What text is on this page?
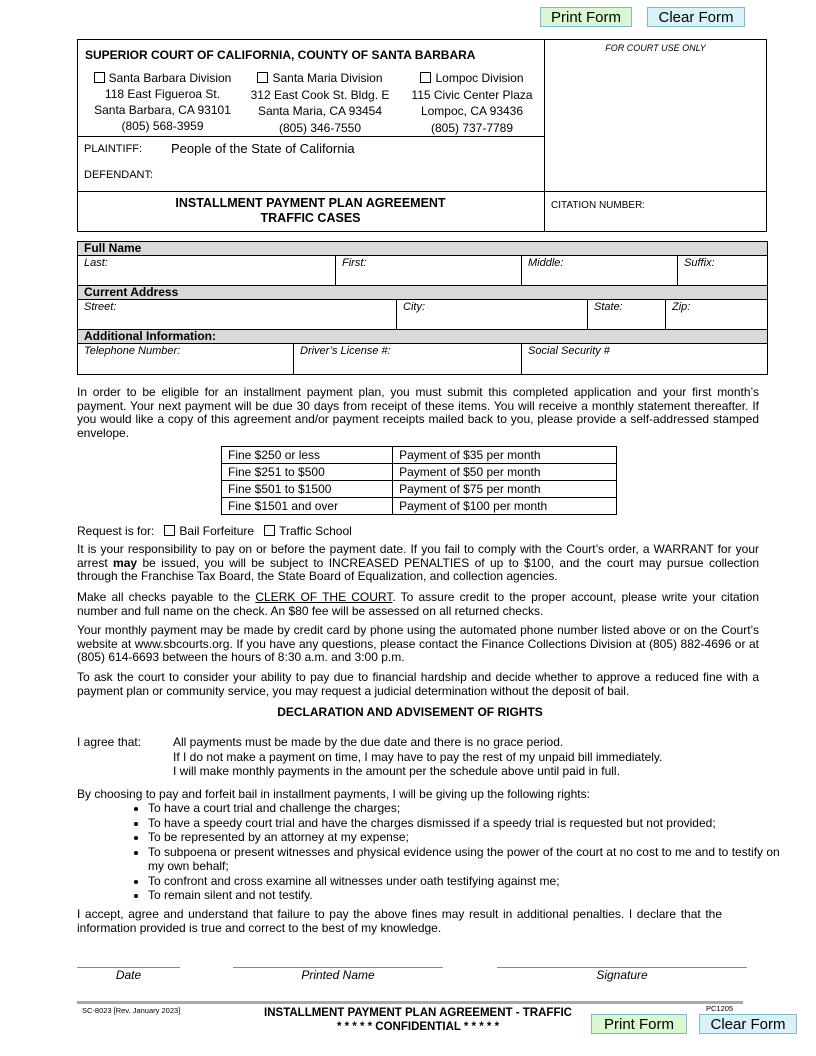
Print Form	Clear Form
SUPERIOR COURT OF CALIFORNIA, COUNTY OF SANTA BARBARA	FOR COURT USE ONLY
Santa Barbara Division
118 East Figueroa St.
Santa Barbara, CA 93101
(805) 568-3959
Santa Maria Division
312 East Cook St. Bldg. E
Santa Maria, CA 93454
(805) 346-7550
Lompoc Division
115 Civic Center Plaza
Lompoc, CA 93436
(805) 737-7789
PLAINTIFF: People of the State of California
DEFENDANT:
INSTALLMENT PAYMENT PLAN AGREEMENT
TRAFFIC CASES
CITATION NUMBER:
Full Name
Last:	First:	Middle:	Suffix:
Current Address
Street:	City:	State:	Zip:
Additional Information:
Telephone Number:	Driver’s License #:	Social Security #
In order to be eligible for an installment payment plan, you must submit this completed application and your first month’s payment. Your next payment will be due 30 days from receipt of these items. You will receive a monthly statement thereafter. If you would like a copy of this agreement and/or payment receipts mailed back to you, please provide a self-addressed stamped envelope.
Fine $250 or less	Payment of $35 per month
Fine $251 to $500	Payment of $50 per month
Fine $501 to $1500	Payment of $75 per month
Fine $1501 and over	Payment of $100 per month
Request is for: Bail Forfeiture Traffic School
It is your responsibility to pay on or before the payment date. If you fail to comply with the Court’s order, a WARRANT for your arrest may be issued, you will be subject to INCREASED PENALTIES of up to $100, and the court may pursue collection through the Franchise Tax Board, the State Board of Equalization, and collection agencies.
Make all checks payable to the CLERK OF THE COURT. To assure credit to the proper account, please write your citation number and full name on the check. An $80 fee will be assessed on all returned checks.
Your monthly payment may be made by credit card by phone using the automated phone number listed above or on the Court’s website at www.sbcourts.org. If you have any questions, please contact the Finance Collections Division at (805) 882-4696 or at (805) 614-6693 between the hours of 8:30 a.m. and 3:00 p.m.
To ask the court to consider your ability to pay due to financial hardship and decide whether to approve a reduced fine with a payment plan or community service, you may request a judicial determination without the deposit of bail.
DECLARATION AND ADVISEMENT OF RIGHTS
I agree that:	All payments must be made by the due date and there is no grace period.
If I do not make a payment on time, I may have to pay the rest of my unpaid bill immediately.
I will make monthly payments in the amount per the schedule above until paid in full.
By choosing to pay and forfeit bail in installment payments, I will be giving up the following rights:
• To have a court trial and challenge the charges;
• To have a speedy court trial and have the charges dismissed if a speedy trial is requested but not provided;
• To be represented by an attorney at my expense;
• To subpoena or present witnesses and physical evidence using the power of the court at no cost to me and to testify on my own behalf;
• To confront and cross examine all witnesses under oath testifying against me;
• To remain silent and not testify.
I accept, agree and understand that failure to pay the above fines may result in additional penalties. I declare that the information provided is true and correct to the best of my knowledge.
Date	Printed Name	Signature
SC-8023 [Rev. January 2023]	INSTALLMENT PAYMENT PLAN AGREEMENT - TRAFFIC
* * * * * CONFIDENTIAL * * * * *
PC1205
Print Form	Clear Form
